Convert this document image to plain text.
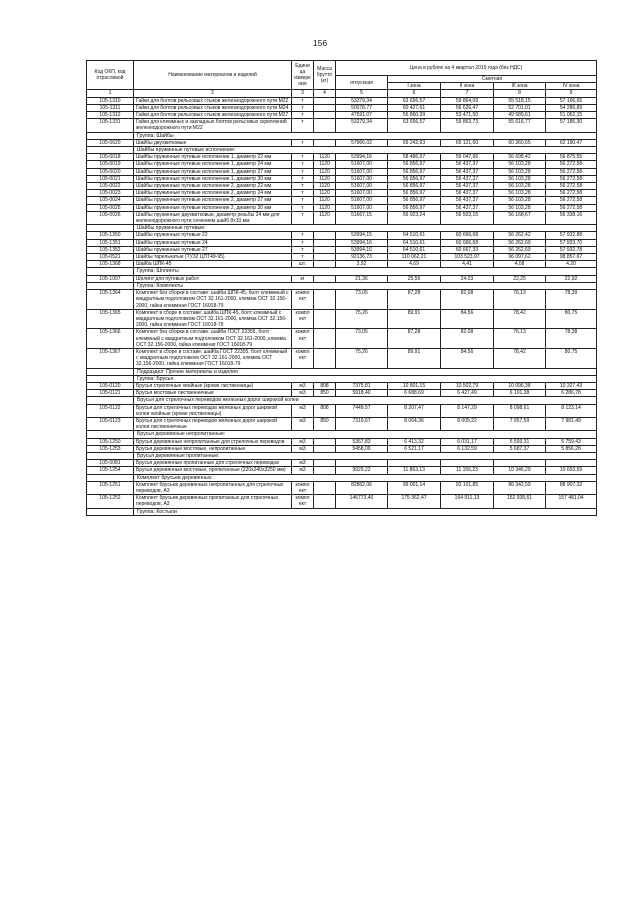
156
Код ОКП, код отраслевой	Наименование материалов и изделий	Едини ца измере ния	Масса брутто (кг)	Цена в рублях на 4 квартал 2015 года (без НДС)				
				отпускная	Сметная			
					I зона	II зона	III зона	IV зона
1	2	3	4	5	6	7	8	9
105-1310	Гайки для болтов рельсовых стыков железнодорожного пути М22	т		53279,34	63 656,57	59 864,09	55 518,15	57 166,65
105-1311	Гайки для болтов рельсовых стыков железнодорожного пути М24	т		50078,77	60 427,61	56 626,47	52 701,01	54 286,89
105-1312	Гайки для болтов рельсовых стыков железнодорожного пути М27	т		47591,07	56 860,39	53 471,50	49 589,61	51 062,15
105-1331	Гайки для клеммных и закладных болтов рельсовых скреплений железнодорожного пути М22	т		53279,34	63 656,57	59 863,73	55 616,77	57 186,30
	Группа: Шайбы							
105-0620	Шайбы двухвитковые	т		57966,02	69 242,93	65 121,60	60 360,65	62 190,47
	Шайбы пружинные путевые исполнение:							
105-0018	Шайбы пружинные путевые исполнение 1, диаметр 22 мм	т	1120	53994,16	58 486,97	59 047,96	56 698,42	56 875,55
105-0019	Шайбы пружинные путевые исполнение 1, диаметр 24 мм	т	1120	51607,00	56 856,97	56 437,37	56 103,28	56 272,58
105-0020	Шайбы пружинные путевые исполнение 1, диаметр 27 мм	т	1120	51607,00	56 856,97	56 437,37	56 103,28	56 272,58
105-0021	Шайбы пружинные путевые исполнение 1, диаметр 30 мм	т	1120	51607,00	56 856,97	56 437,37	56 103,28	56 272,58
105-0022	Шайбы пружинные путевые исполнение 2, диаметр 22 мм	т	1120	51607,00	56 856,97	56 437,37	56 103,28	56 272,58
105-0023	Шайбы пружинные путевые исполнение 2, диаметр 24 мм	т	1120	51607,00	56 856,97	56 437,37	56 103,28	56 272,58
105-0024	Шайбы пружинные путевые исполнение 2, диаметр 27 мм	т	1120	51607,00	56 856,97	56 437,37	56 103,28	56 272,58
105-0025	Шайбы пружинные путевые исполнение 2, диаметр 30 мм	т	1120	51607,00	56 856,97	56 437,37	56 103,28	56 272,58
105-0026	Шайбы пружинные двухвитковые, диаметр резьбы 24 мм для железнодорожного пути сечением шайб 8х10 мм	т	1120	51667,15	56 923,24	56 503,15	56 168,67	56 338,16
	Шайбы пружинные путевые:							
105-1350	Шайбы пружинные путевые 22	т		53994,15	64 510,61	60 666,68	56 262,42	57 932,88
105-1351	Шайбы пружинные путевые 24	т		53994,16	64 510,61	60 666,68	56 262,69	57 933,70
105-1352	Шайбы пружинные путевые 27	т		53994,16	64 510,61	60 667,33	56 262,69	57 932,78
105-0521	Шайбы тарельчатые (ТУ32 ЦПТ49-95)	т		92136,73	110 062,21	103 523,97	96 097,62	98 857,67
105-1368	Шайба ШПК-45	шт.		3,92	4,69	4,41	4,08	4,20
	Группа: Шплинты							
105-1007	Шплинт для путевых работ	кг		21,36	25,56	24,03	22,25	22,92
	Группа: Комплекты							
105-1364	Комплект без сборки в составе: шайба ШПК-45, болт клеммный с квадратным подголовком ОСТ 32.161-2000, клемма ОСТ 32.156-2000, гайка клеммная ГОСТ 16018-79	компл ект		73,05	87,28	82,08	76,13	78,39
105-1365	Комплект в сборе в составе: шайба ШПК-45, болт клеммный с квадратным подголовком ОСТ 32.161-2000, клемма ОСТ 32.156-2000, гайка клеммная ГОСТ 16018-79	компл ект		75,26	89,91	84,56	78,42	80,75
105-1366	Комплект без сборки в составе: шайба ГОСТ 22355, болт клеммный с квадратным подголовком ОСТ 32.161-2000, клемма ОСТ 32.156-2000, гайка клеммная ГОСТ 16018-79	компл ект		73,05	87,28	82,08	76,13	78,38
105-1367	Комплект в сборе в составе: шайба ГОСТ 22355, болт клеммный с квадратным подголовком ОСТ 32.161-2000, клемма ОСТ 32.156-2000, гайка клеммная ГОСТ 16018-79	компл ект		75,26	89,91	84,56	78,42	80,75
	Подраздел: Прочие материалы и изделия							
	Группа: Брусья							
105-0120	Брусья стрелочные хвойные (кроме лиственницы)	м3	808	7375,81	10 801,15	10 502,79	10 096,38	10 327,43
105-0121	Брусья мостовые лиственничные	м3	850	5918,40	6 688,69	6 427,49	6 101,38	6 286,78
	Брусья для стрелочных переводов железных дорог широкой колеи							
105-0122	Брусья для стрелочных переводов железных дорог широкой колеи хвойные (кроме лиственницы)	м3	808	7449,57	8 207,47	8 147,29	8 098,61	8 123,14
105-0123	Брусья для стрелочных переводов железных дорог широкой колеи лиственничные	м3	850	7319,67	8 064,36	8 005,22	7 957,59	7 981,49
	Брусья деревянные непропитанные:							
105-1250	Брусья деревянные непропитанные для стрелочных переводов	м3		5367,83	6 413,32	6 031,17	5 593,31	5 759,43
105-1253	Брусья деревянные мостовые, непропитанные	м3		5458,09	6 521,17	6 132,59	5 687,37	5 856,28
	Брусья деревянные пропитанные:							
105-0081	Брусья деревянные пропитанные для стрелочных переводов	м3						
105-1254	Брусья деревянные мостовые, пропитанные (220х240х3250 мм)	м3		9929,22	11 863,13	11 156,23	10 346,29	10 653,59
	Комплект брусьев деревянных:							
105-1251	Комплект брусьев деревянных непропитанных для стрелочных переводов, А3	компл ект		82862,06	99 001,14	93 101,85	86 342,59	88 907,32
105-1252	Комплект брусьев деревянных пропитанных для стрелочных переводов, А3	компл ект		146773,40	175 362,47	164 911,13	152 938,61	157 481,04
	Группа: Костыли							
